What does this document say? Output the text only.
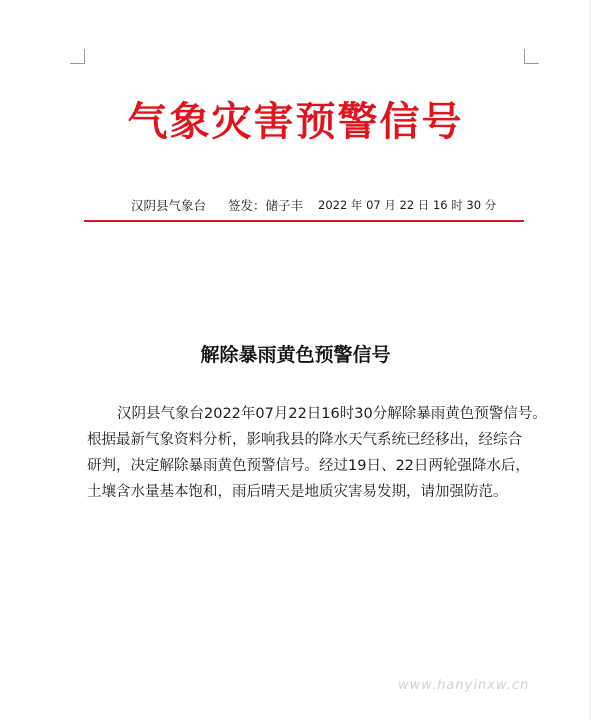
气象灾害预警信号
汉阴县气象台 签发：储子丰 2022 年 07 月 22 日 16 时 30 分
解除暴雨黄色预警信号

汉阴县气象台2022年07月22日16时30分解除暴雨黄色预警信号。
根据最新气象资料分析，影响我县的降水天气系统已经移出，经综合
研判，决定解除暴雨黄色预警信号。经过19日、22日两轮强降水后，
土壤含水量基本饱和，雨后晴天是地质灾害易发期，请加强防范。

www.hanyinxw.cn
